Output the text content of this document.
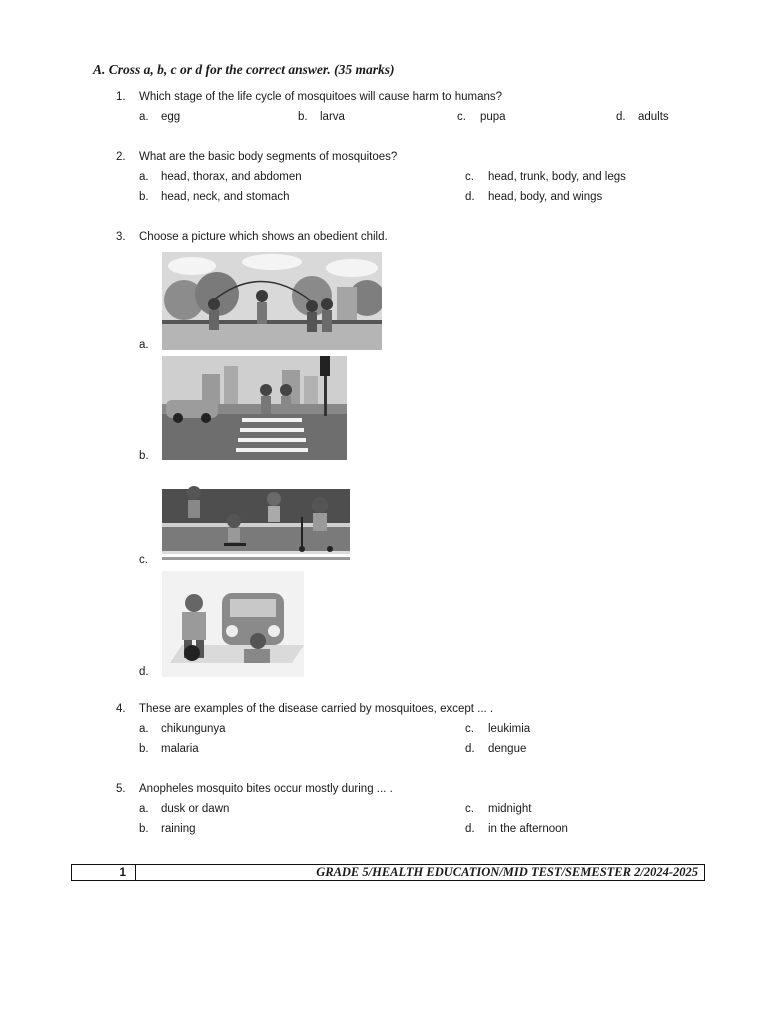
A. Cross a, b, c or d for the correct answer. (35 marks)
1. Which stage of the life cycle of mosquitoes will cause harm to humans?
a. egg	b. larva	c. pupa	d. adults
2. What are the basic body segments of mosquitoes?
a. head, thorax, and abdomen
b. head, neck, and stomach
c. head, trunk, body, and legs
d. head, body, and wings
3. Choose a picture which shows an obedient child.
a.
b.
c.
d.
4. These are examples of the disease carried by mosquitoes, except ... .
a. chikungunya
b. malaria
c. leukimia
d. dengue
5. Anopheles mosquito bites occur mostly during ... .
a. dusk or dawn
b. raining
c. midnight
d. in the afternoon
1	GRADE 5/HEALTH EDUCATION/MID TEST/SEMESTER 2/2024-2025
